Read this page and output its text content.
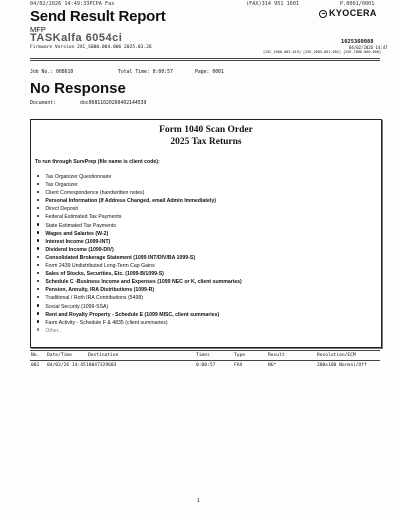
04/02/2026 14:49:33PCPA Fax	(FAX)314 951 1601	P.0001/0001
KYOCERA
Send Result Report
MFP
TASKalfa 6054ci
Firmware Version 2XC_S000.004.006 2025.03.26
1025360088
04/02/2026 14:47
[2XC_1000.003.019] [2XE_2003.001.002] [2XE_7000.000.000]
Job No.: 008610	Total Time: 0:00:57	Page: 0001
No Response
Document:	doc06811020260402144539
Form 1040 Scan Order
2025 Tax Returns
To run through SurePrep (file name is client code):
Tax Organizer Questionnaire
Tax Organizer
Client Correspondence (handwritten notes)
Personal Information (If Address Changed, email Admin Immediately)
Direct Deposit
Federal Estimated Tax Payments
State Estimated Tax Payments
Wages and Salaries (W-2)
Interest Income (1099-INT)
Dividend Income (1099-DIV)
Consolidated Brokerage Statement (1099 INT/DIV/BA 1099-S)
Form 2439 Undistributed Long-Term Cap Gains
Sales of Stocks, Securities, Etc. (1099-B/1099-S)
Schedule C -Business Income and Expenses (1099 NEC or K, client summaries)
Pension, Annuity, IRA Distributions (1099-R)
Traditional / Roth IRA Contributions (5498)
Social Security (1099-SSA)
Rent and Royalty Property - Schedule E (1099 MISC, client summaries)
Farm Activity - Schedule F & 4835 (client summaries)
Other...
No. Date/Time	Destination	Times	Type	Result	Resolution/ECM
001 04/02/26 14:45 18047329603	0:00:57	FAX	NG*	200x100 Normal/Off
1
